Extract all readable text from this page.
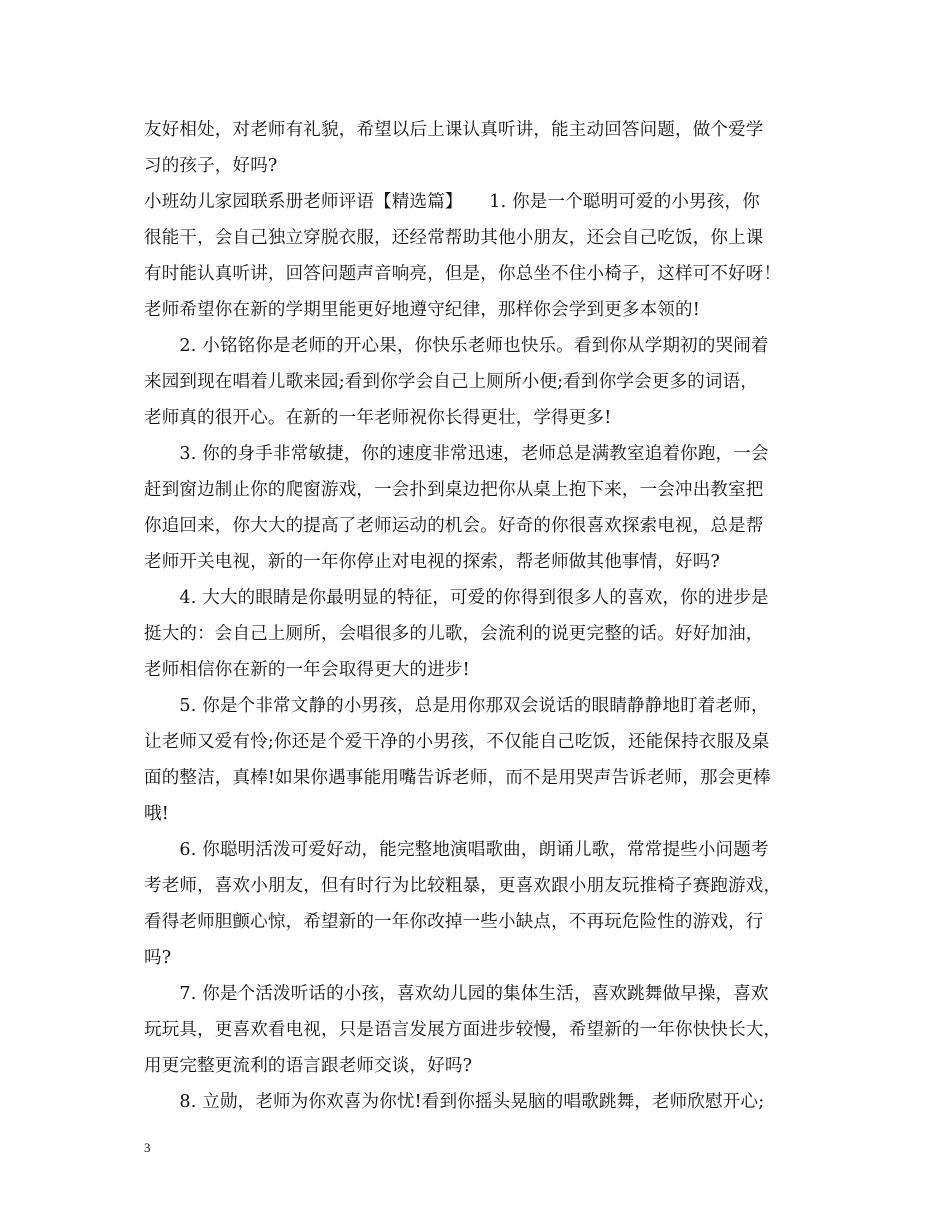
友好相处，对老师有礼貌，希望以后上课认真听讲，能主动回答问题，做个爱学
习的孩子，好吗?
小班幼儿家园联系册老师评语【精选篇】　　1. 你是一个聪明可爱的小男孩，你
很能干，会自己独立穿脱衣服，还经常帮助其他小朋友，还会自己吃饭，你上课
有时能认真听讲，回答问题声音响亮，但是，你总坐不住小椅子，这样可不好呀！
老师希望你在新的学期里能更好地遵守纪律，那样你会学到更多本领的!
　　2. 小铭铭你是老师的开心果，你快乐老师也快乐。看到你从学期初的哭闹着
来园到现在唱着儿歌来园;看到你学会自己上厕所小便;看到你学会更多的词语，
老师真的很开心。在新的一年老师祝你长得更壮，学得更多!
　　3. 你的身手非常敏捷，你的速度非常迅速，老师总是满教室追着你跑，一会
赶到窗边制止你的爬窗游戏，一会扑到桌边把你从桌上抱下来，一会冲出教室把
你追回来，你大大的提高了老师运动的机会。好奇的你很喜欢探索电视，总是帮
老师开关电视，新的一年你停止对电视的探索，帮老师做其他事情，好吗?
　　4. 大大的眼睛是你最明显的特征，可爱的你得到很多人的喜欢，你的进步是
挺大的：会自己上厕所，会唱很多的儿歌，会流利的说更完整的话。好好加油，
老师相信你在新的一年会取得更大的进步!
　　5. 你是个非常文静的小男孩，总是用你那双会说话的眼睛静静地盯着老师，
让老师又爱有怜;你还是个爱干净的小男孩，不仅能自己吃饭，还能保持衣服及桌
面的整洁，真棒!如果你遇事能用嘴告诉老师，而不是用哭声告诉老师，那会更棒
哦!
　　6. 你聪明活泼可爱好动，能完整地演唱歌曲，朗诵儿歌，常常提些小问题考
考老师，喜欢小朋友，但有时行为比较粗暴，更喜欢跟小朋友玩推椅子赛跑游戏，
看得老师胆颤心惊，希望新的一年你改掉一些小缺点，不再玩危险性的游戏，行
吗?
　　7. 你是个活泼听话的小孩，喜欢幼儿园的集体生活，喜欢跳舞做早操，喜欢
玩玩具，更喜欢看电视，只是语言发展方面进步较慢，希望新的一年你快快长大，
用更完整更流利的语言跟老师交谈，好吗?
　　8. 立勋，老师为你欢喜为你忧!看到你摇头晃脑的唱歌跳舞，老师欣慰开心;
3
